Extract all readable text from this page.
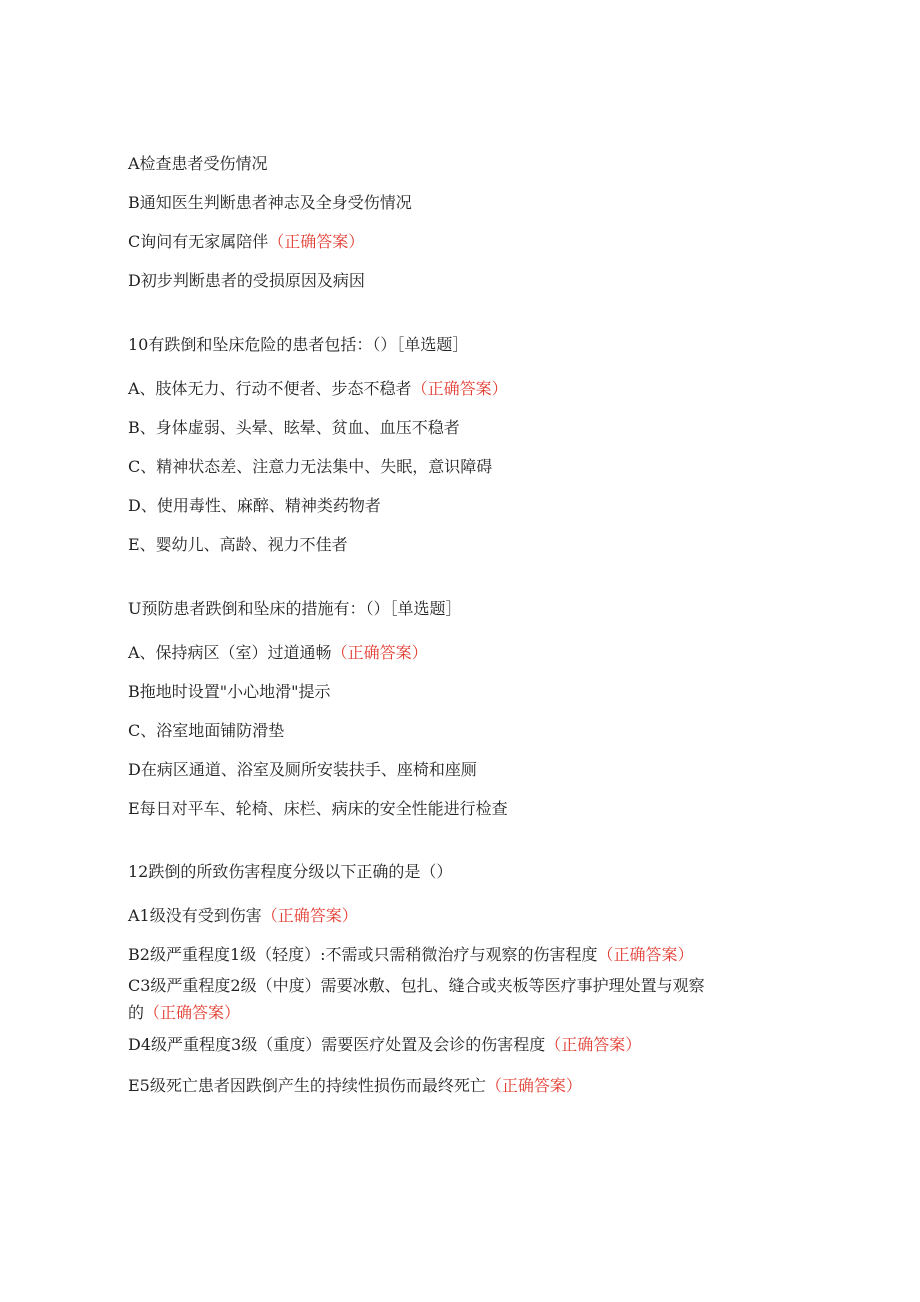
A检查患者受伤情况
B通知医生判断患者神志及全身受伤情况
C询问有无家属陪伴（正确答案）
D初步判断患者的受损原因及病因
10有跌倒和坠床危险的患者包括：（）［单选题］
A、肢体无力、行动不便者、步态不稳者（正确答案）
B、身体虚弱、头晕、眩晕、贫血、血压不稳者
C、精神状态差、注意力无法集中、失眠，意识障碍
D、使用毒性、麻醉、精神类药物者
E、婴幼儿、高龄、视力不佳者
U预防患者跌倒和坠床的措施有：（）［单选题］
A、保持病区（室）过道通畅（正确答案）
B拖地时设置"小心地滑"提示
C、浴室地面铺防滑垫
D在病区通道、浴室及厕所安装扶手、座椅和座厕
E每日对平车、轮椅、床栏、病床的安全性能进行检查
12跌倒的所致伤害程度分级以下正确的是（）
A1级没有受到伤害（正确答案）
B2级严重程度1级（轻度）:不需或只需稍微治疗与观察的伤害程度（正确答案）
C3级严重程度2级（中度）需要冰敷、包扎、缝合或夹板等医疗事护理处置与观察
的（正确答案）
D4级严重程度3级（重度）需要医疗处置及会诊的伤害程度（正确答案）
E5级死亡患者因跌倒产生的持续性损伤而最终死亡（正确答案）
